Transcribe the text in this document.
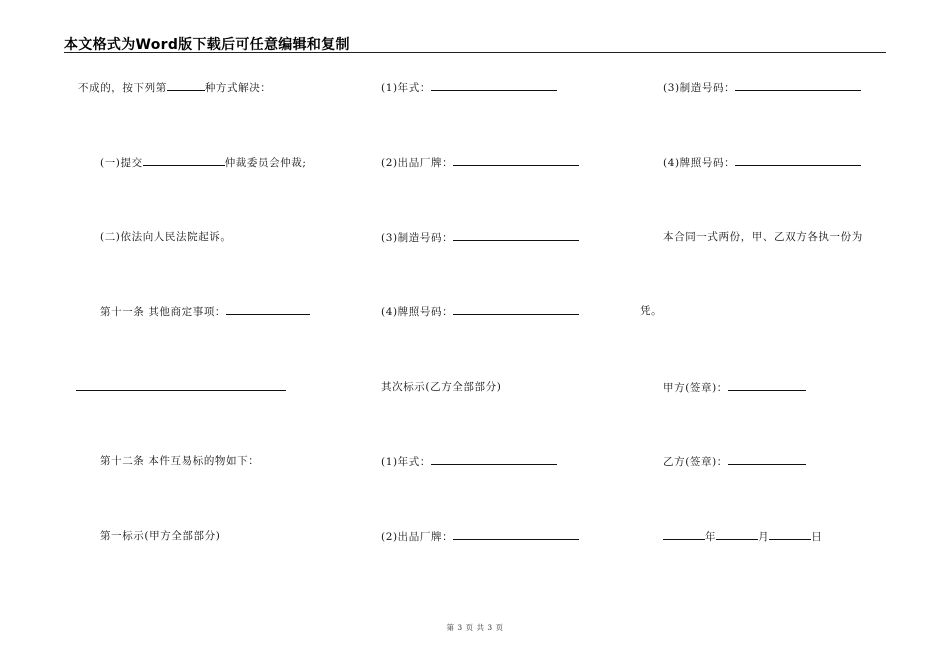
本文格式为Word版下载后可任意编辑和复制
不成的，按下列第	种方式解决：
(一)提交	仲裁委员会仲裁;
(二)依法向人民法院起诉。
第十一条 其他商定事项：
第十二条 本件互易标的物如下：
第一标示(甲方全部部分)
(1)年式：
(2)出品厂牌：
(3)制造号码：
(4)牌照号码：
其次标示(乙方全部部分)
(1)年式：
(2)出品厂牌：
(3)制造号码：
(4)牌照号码：
本合同一式两份，甲、乙双方各执一份为
凭。
甲方(签章)：
乙方(签章)：
年	月	日
第 3 页 共 3 页
